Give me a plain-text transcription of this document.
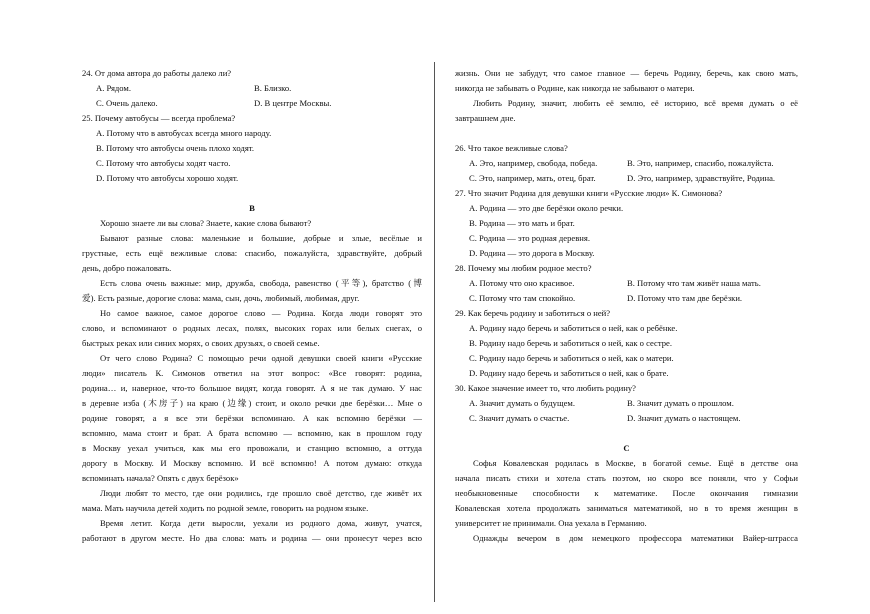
24. От дома автора до работы далеко ли?
A. Рядом.	B. Близко.
C. Очень далеко.	D. В центре Москвы.
25. Почему автобусы — всегда проблема?
A. Потому что в автобусах всегда много народу.
B. Потому что автобусы очень плохо ходят.
C. Потому что автобусы ходят часто.
D. Потому что автобусы хорошо ходят.
B
Хорошо знаете ли вы слова? Знаете, какие слова бывают?
Бывают разные слова: маленькие и большие, добрые и злые, весёлые и
грустные, есть ещё вежливые слова: спасибо, пожалуйста, здравствуйте, добрый
день, добро пожаловать.
Есть слова очень важные: мир, дружба, свобода, равенство (平等), братство (博
爱). Есть разные, дорогие слова: мама, сын, дочь, любимый, любимая, друг.
Но самое важное, самое дорогое слово — Родина. Когда люди говорят это
слово, и вспоминают о родных лесах, полях, высоких горах или белых снегах, о
быстрых реках или синих морях, о своих друзьях, о своей семье.
От чего слово Родина? С помощью речи одной девушки своей книги «Русские
люди» писатель К. Симонов ответил на этот вопрос: «Все говорят: родина,
родина… и, наверное, что-то большое видят, когда говорят. А я не так думаю. У нас
в деревне изба (木房子) на краю (边缘) стоит, и около речки две берёзки… Мне о
родине говорят, а я все эти берёзки вспоминаю. А как вспомню берёзки —
вспомню, мама стоит и брат. А брата вспомню — вспомню, как в прошлом году
в Москву уехал учиться, как мы его провожали, и станцию вспомню, а оттуда
дорогу в Москву. И Москву вспомню. И всё вспомню! А потом думаю: откуда
вспоминать начала? Опять с двух берёзок»
Люди любят то место, где они родились, где прошло своё детство, где живёт их
мама. Мать научила детей ходить по родной земле, говорить на родном языке.
Время летит. Когда дети выросли, уехали из родного дома, живут, учатся,
работают в другом месте. Но два слова: мать и родина — они пронесут через всю
жизнь. Они не забудут, что самое главное — беречь Родину, беречь, как свою мать,
никогда не забывать о Родине, как никогда не забывают о матери.
Любить Родину, значит, любить её землю, её историю, всё время думать о её
завтрашнем дне.
26. Что такое вежливые слова?
A. Это, например, свобода, победа.	B. Это, например, спасибо, пожалуйста.
C. Это, например, мать, отец, брат.	D. Это, например, здравствуйте, Родина.
27. Что значит Родина для девушки книги «Русские люди» К. Симонова?
A. Родина — это две берёзки около речки.
B. Родина — это мать и брат.
C. Родина — это родная деревня.
D. Родина — это дорога в Москву.
28. Почему мы любим родное место?
A. Потому что оно красивое.	B. Потому что там живёт наша мать.
C. Потому что там спокойно.	D. Потому что там две берёзки.
29. Как беречь родину и заботиться о ней?
A. Родину надо беречь и заботиться о ней, как о ребёнке.
B. Родину надо беречь и заботиться о ней, как о сестре.
C. Родину надо беречь и заботиться о ней, как о матери.
D. Родину надо беречь и заботиться о ней, как о брате.
30. Какое значение имеет то, что любить родину?
A. Значит думать о будущем.	B. Значит думать о прошлом.
C. Значит думать о счастье.	D. Значит думать о настоящем.
C
Софья Ковалевская родилась в Москве, в богатой семье. Ещё в детстве она
начала писать стихи и хотела стать поэтом, но скоро все поняли, что у Софьи
необыкновенные способности к математике. После окончания гимназии
Ковалевская хотела продолжать заниматься математикой, но в то время женщин в
университет не принимали. Она уехала в Германию.
Однажды вечером в дом немецкого профессора математики Вайер-штрасса
